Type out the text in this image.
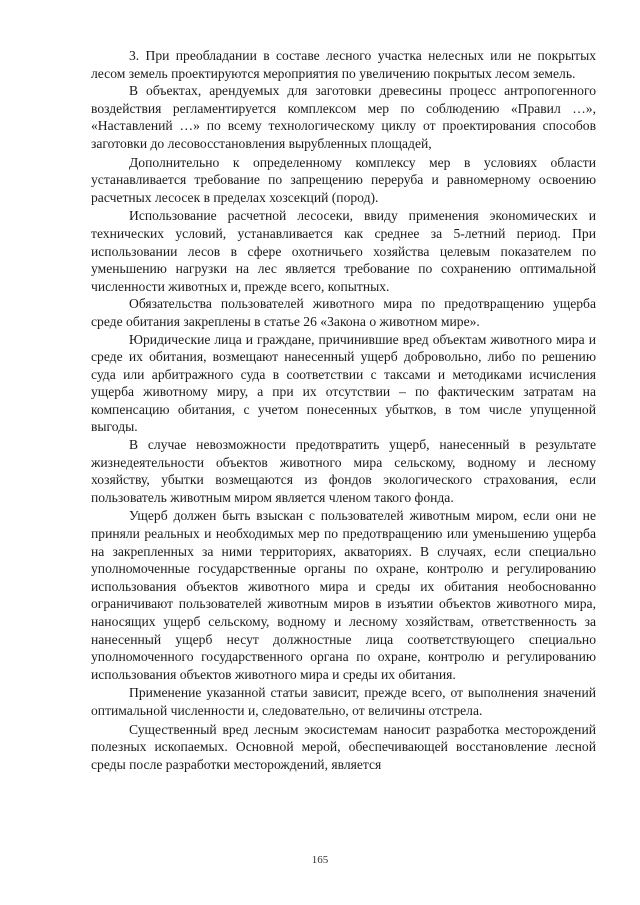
3. При преобладании в составе лесного участка нелесных или не покрытых лесом земель проектируются мероприятия по увеличению покрытых лесом земель.

В объектах, арендуемых для заготовки древесины процесс антропогенного воздействия регламентируется комплексом мер по соблюдению «Правил …», «Наставлений …» по всему технологическому циклу от проектирования способов заготовки до лесовосстановления вырубленных площадей,

Дополнительно к определенному комплексу мер в условиях области устанавливается требование по запрещению переруба и равномерному освоению расчетных лесосек в пределах хозсекций (пород).

Использование расчетной лесосеки, ввиду применения экономических и технических условий, устанавливается как среднее за 5-летний период. При использовании лесов в сфере охотничьего хозяйства целевым показателем по уменьшению нагрузки на лес является требование по сохранению оптимальной численности животных и, прежде всего, копытных.

Обязательства пользователей животного мира по предотвращению ущерба среде обитания закреплены в статье 26 «Закона о животном мире».

Юридические лица и граждане, причинившие вред объектам животного мира и среде их обитания, возмещают нанесенный ущерб добровольно, либо по решению суда или арбитражного суда в соответствии с таксами и методиками исчисления ущерба животному миру, а при их отсутствии – по фактическим затратам на компенсацию обитания, с учетом понесенных убытков, в том числе упущенной выгоды.

В случае невозможности предотвратить ущерб, нанесенный в результате жизнедеятельности объектов животного мира сельскому, водному и лесному хозяйству, убытки возмещаются из фондов экологического страхования, если пользователь животным миром является членом такого фонда.

Ущерб должен быть взыскан с пользователей животным миром, если они не приняли реальных и необходимых мер по предотвращению или уменьшению ущерба на закрепленных за ними территориях, акваториях. В случаях, если специально уполномоченные государственные органы по охране, контролю и регулированию использования объектов животного мира и среды их обитания необоснованно ограничивают пользователей животным миров в изъятии объектов животного мира, наносящих ущерб сельскому, водному и лесному хозяйствам, ответственность за нанесенный ущерб несут должностные лица соответствующего специально уполномоченного государственного органа по охране, контролю и регулированию использования объектов животного мира и среды их обитания.

Применение указанной статьи зависит, прежде всего, от выполнения значений оптимальной численности и, следовательно, от величины отстрела.

Существенный вред лесным экосистемам наносит разработка месторождений полезных ископаемых. Основной мерой, обеспечивающей восстановление лесной среды после разработки месторождений, является

165
